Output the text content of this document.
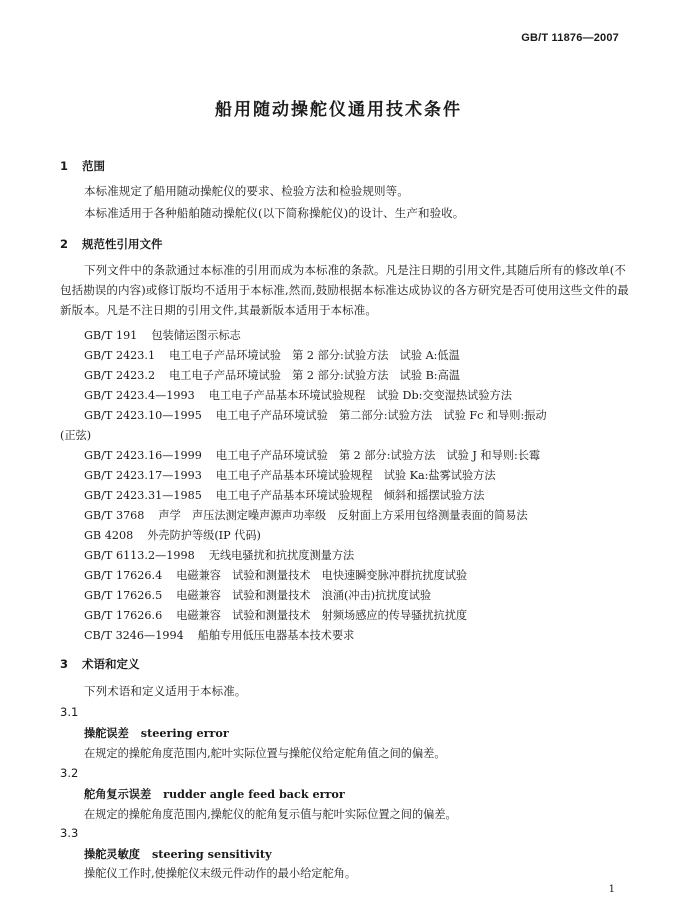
GB/T 11876—2007
船用随动操舵仪通用技术条件
1 范围
本标准规定了船用随动操舵仪的要求、检验方法和检验规则等。
本标准适用于各种船舶随动操舵仪(以下简称操舵仪)的设计、生产和验收。
2 规范性引用文件
下列文件中的条款通过本标准的引用而成为本标准的条款。凡是注日期的引用文件,其随后所有的修改单(不包括勘误的内容)或修订版均不适用于本标准,然而,鼓励根据本标准达成协议的各方研究是否可使用这些文件的最新版本。凡是不注日期的引用文件,其最新版本适用于本标准。
GB/T 191 包装储运图示标志
GB/T 2423.1 电工电子产品环境试验　第 2 部分:试验方法　试验 A:低温
GB/T 2423.2 电工电子产品环境试验　第 2 部分:试验方法　试验 B:高温
GB/T 2423.4—1993 电工电子产品基本环境试验规程　试验 Db:交变湿热试验方法
GB/T 2423.10—1995 电工电子产品环境试验　第二部分:试验方法　试验 Fc 和导则:振动
(正弦)
GB/T 2423.16—1999 电工电子产品环境试验　第 2 部分:试验方法　试验 J 和导则:长霉
GB/T 2423.17—1993 电工电子产品基本环境试验规程　试验 Ka:盐雾试验方法
GB/T 2423.31—1985 电工电子产品基本环境试验规程　倾斜和摇摆试验方法
GB/T 3768 声学　声压法测定噪声源声功率级　反射面上方采用包络测量表面的简易法
GB 4208 外壳防护等级(IP 代码)
GB/T 6113.2—1998 无线电骚扰和抗扰度测量方法
GB/T 17626.4 电磁兼容　试验和测量技术　电快速瞬变脉冲群抗扰度试验
GB/T 17626.5 电磁兼容　试验和测量技术　浪涌(冲击)抗扰度试验
GB/T 17626.6 电磁兼容　试验和测量技术　射频场感应的传导骚扰抗扰度
CB/T 3246—1994 船舶专用低压电器基本技术要求
3 术语和定义
下列术语和定义适用于本标准。
3.1
操舵误差 steering error
在规定的操舵角度范围内,舵叶实际位置与操舵仪给定舵角值之间的偏差。
3.2
舵角复示误差 rudder angle feed back error
在规定的操舵角度范围内,操舵仪的舵角复示值与舵叶实际位置之间的偏差。
3.3
操舵灵敏度 steering sensitivity
操舵仪工作时,使操舵仪末级元件动作的最小给定舵角。
1
